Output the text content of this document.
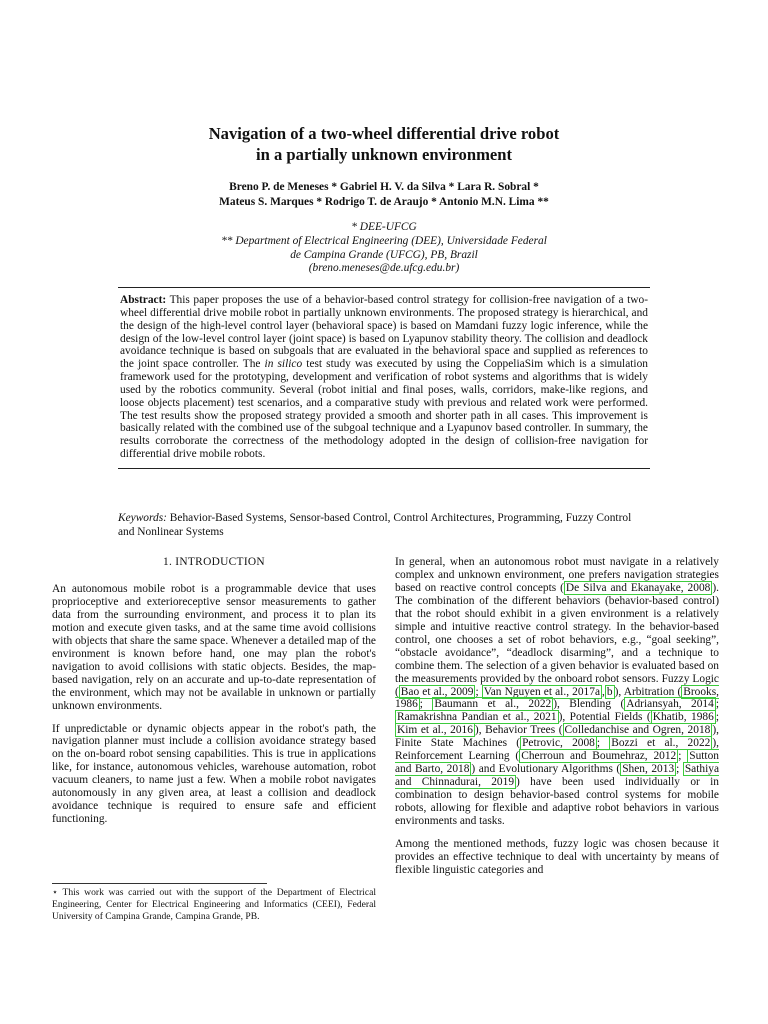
Navigation of a two-wheel differential drive robot
in a partially unknown environment
Breno P. de Meneses * Gabriel H. V. da Silva * Lara R. Sobral *
Mateus S. Marques * Rodrigo T. de Araujo * Antonio M.N. Lima **
* DEE-UFCG
** Department of Electrical Engineering (DEE), Universidade Federal
de Campina Grande (UFCG), PB, Brazil
(breno.meneses@de.ufcg.edu.br)

Abstract: This paper proposes the use of a behavior-based control strategy for collision-free navigation of a two-wheel differential drive mobile robot in partially unknown environments. The proposed strategy is hierarchical, and the design of the high-level control layer (behavioral space) is based on Mamdani fuzzy logic inference, while the design of the low-level control layer (joint space) is based on Lyapunov stability theory. The collision and deadlock avoidance technique is based on subgoals that are evaluated in the behavioral space and supplied as references to the joint space controller. The in silico test study was executed by using the CoppeliaSim which is a simulation framework used for the prototyping, development and verification of robot systems and algorithms that is widely used by the robotics community. Several (robot initial and final poses, walls, corridors, make-like regions, and loose objects placement) test scenarios, and a comparative study with previous and related work were performed. The test results show the proposed strategy provided a smooth and shorter path in all cases. This improvement is basically related with the combined use of the subgoal technique and a Lyapunov based controller. In summary, the results corroborate the correctness of the methodology adopted in the design of collision-free navigation for differential drive mobile robots.

Keywords: Behavior-Based Systems, Sensor-based Control, Control Architectures, Programming, Fuzzy Control and Nonlinear Systems
1. INTRODUCTION

An autonomous mobile robot is a programmable device that uses proprioceptive and exterioreceptive sensor measurements to gather data from the surrounding environment, and process it to plan its motion and execute given tasks, and at the same time avoid collisions with objects that share the same space. Whenever a detailed map of the environment is known before hand, one may plan the robot's navigation to avoid collisions with static objects. Besides, the map-based navigation, rely on an accurate and up-to-date representation of the environment, which may not be available in unknown or partially unknown environments.

If unpredictable or dynamic objects appear in the robot's path, the navigation planner must include a collision avoidance strategy based on the on-board robot sensing capabilities. This is true in applications like, for instance, autonomous vehicles, warehouse automation, robot vacuum cleaners, to name just a few. When a mobile robot navigates autonomously in any given area, at least a collision and deadlock avoidance technique is required to ensure safe and efficient functioning.

⋆ This work was carried out with the support of the Department of Electrical Engineering, Center for Electrical Engineering and Informatics (CEEI), Federal University of Campina Grande, Campina Grande, PB.

In general, when an autonomous robot must navigate in a relatively complex and unknown environment, one prefers navigation strategies based on reactive control concepts ( De Silva and Ekanayake, 2008 ). The combination of the different behaviors (behavior-based control) that the robot should exhibit in a given environment is a relatively simple and intuitive reactive control strategy. In the behavior-based control, one chooses a set of robot behaviors, e.g., “goal seeking”, “obstacle avoidance”, “deadlock disarming”, and a technique to combine them. The selection of a given behavior is evaluated based on the measurements provided by the onboard robot sensors. Fuzzy Logic ( Bao et al., 2009 ; Van Nguyen et al., 2017a , b ), Arbitration ( Brooks, 1986 ; Baumann et al., 2022 ), Blending ( Adriansyah, 2014 ; Ramakrishna Pandian et al., 2021 ), Potential Fields ( Khatib, 1986 ; Kim et al., 2016 ), Behavior Trees ( Colledanchise and Ogren, 2018 ), Finite State Machines ( Petrovic, 2008 ; Bozzi et al., 2022 ), Reinforcement Learning ( Cherroun and Boumehraz, 2012 ; Sutton and Barto, 2018 ) and Evolutionary Algorithms ( Shen, 2013 ; Sathiya and Chinnadurai, 2019 ) have been used individually or in combination to design behavior-based control systems for mobile robots, allowing for flexible and adaptive robot behaviors in various environments and tasks.

Among the mentioned methods, fuzzy logic was chosen because it provides an effective technique to deal with uncertainty by means of flexible linguistic categories and
